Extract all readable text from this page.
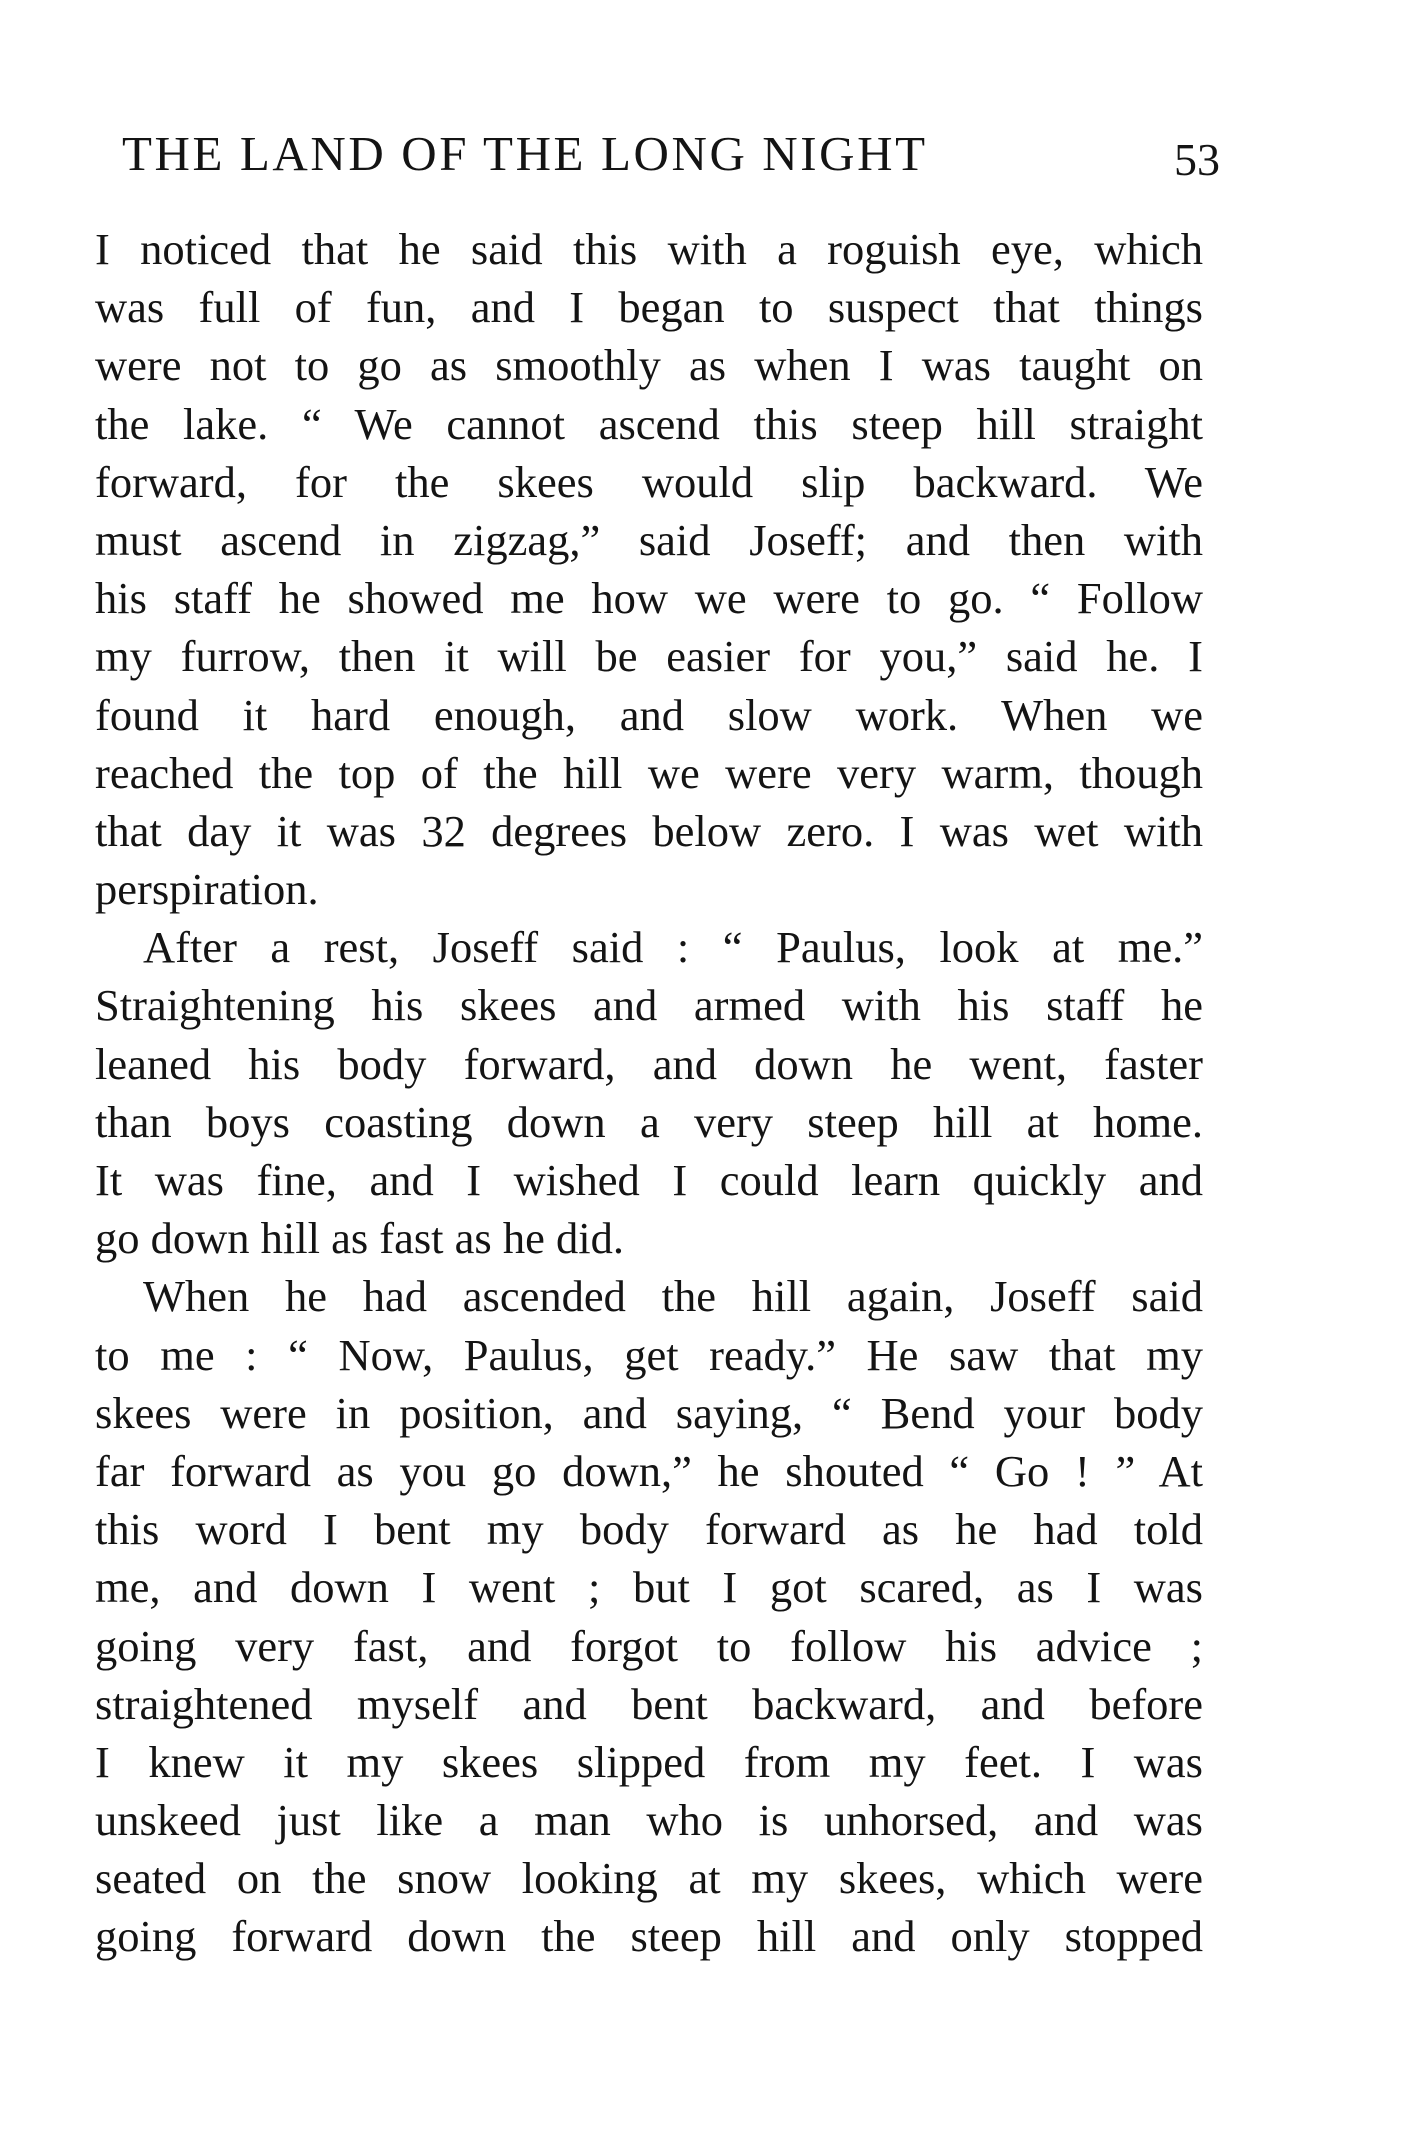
THE LAND OF THE LONG NIGHT	53
I noticed that he said this with a roguish eye, which
was full of fun, and I began to suspect that things
were not to go as smoothly as when I was taught on
the lake. “ We cannot ascend this steep hill straight
forward, for the skees would slip backward. We
must ascend in zigzag,” said Joseff; and then with
his staff he showed me how we were to go. “ Follow
my furrow, then it will be easier for you,” said he. I
found it hard enough, and slow work. When we
reached the top of the hill we were very warm, though
that day it was 32 degrees below zero. I was wet with
perspiration.
After a rest, Joseff said : “ Paulus, look at me.”
Straightening his skees and armed with his staff he
leaned his body forward, and down he went, faster
than boys coasting down a very steep hill at home.
It was fine, and I wished I could learn quickly and
go down hill as fast as he did.
When he had ascended the hill again, Joseff said
to me : “ Now, Paulus, get ready.” He saw that my
skees were in position, and saying, “ Bend your body
far forward as you go down,” he shouted “ Go ! ” At
this word I bent my body forward as he had told
me, and down I went ; but I got scared, as I was
going very fast, and forgot to follow his advice ;
straightened myself and bent backward, and before
I knew it my skees slipped from my feet. I was
unskeed just like a man who is unhorsed, and was
seated on the snow looking at my skees, which were
going forward down the steep hill and only stopped
